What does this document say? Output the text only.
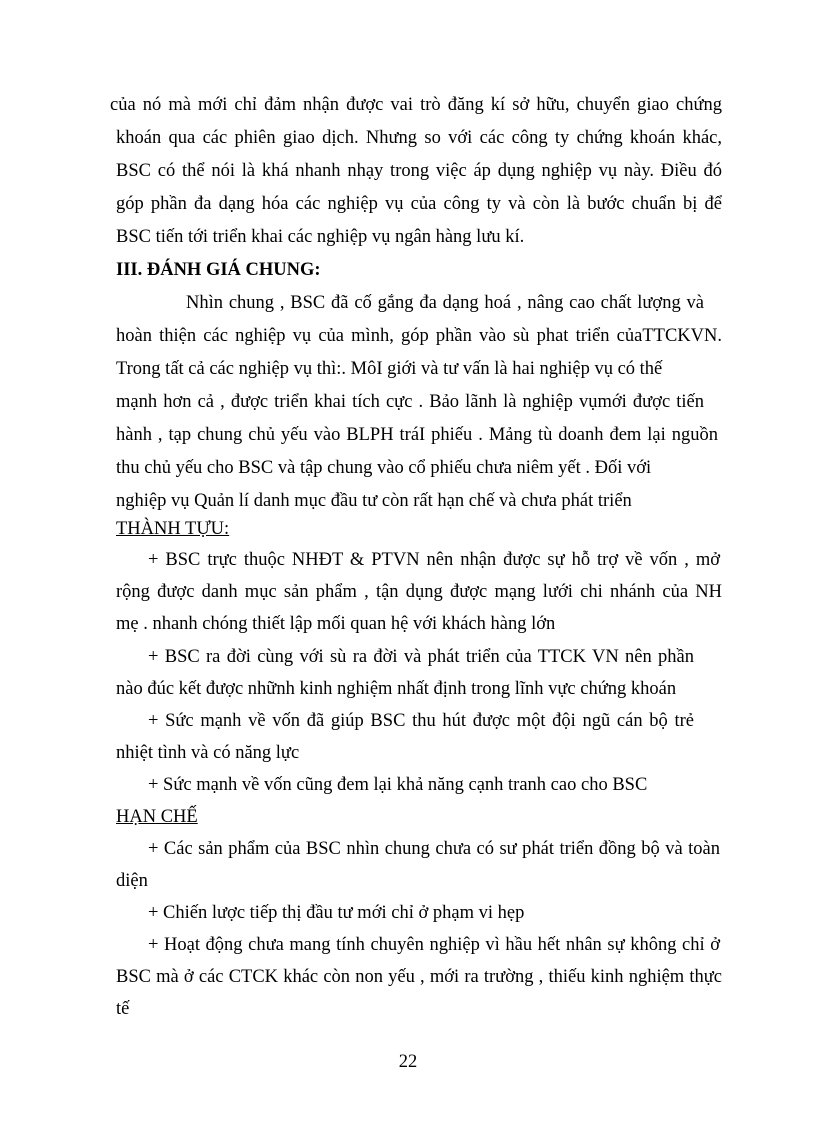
của nó mà mới chỉ đảm nhận được vai trò đăng kí sở hữu, chuyển giao chứng
khoán qua các phiên giao dịch. Nhưng so với các công ty chứng khoán khác,
BSC có thể nói là khá nhanh nhạy trong việc áp dụng nghiệp vụ này. Điều đó
góp phần đa dạng hóa các nghiệp vụ của công ty và còn là bước chuẩn bị để
BSC tiến tới triển khai các nghiệp vụ ngân hàng lưu kí.
III. ĐÁNH GIÁ CHUNG:
Nhìn chung , BSC đã cố gắng đa dạng hoá , nâng cao chất lượng và
hoàn thiện các nghiệp vụ của mình, góp phần vào sù phat triển củaTTCKVN.
Trong tất cả các nghiệp vụ thì:. MôI giới và tư vấn là hai nghiệp vụ có thế
mạnh hơn cả , được triển khai tích cực . Bảo lãnh là nghiệp vụmới được tiến
hành , tạp chung chủ yếu vào BLPH tráI phiếu . Mảng tù doanh đem lại nguồn
thu chủ yếu cho BSC và tập chung vào cổ phiếu chưa niêm yết . Đối với
nghiệp vụ Quản lí danh mục đầu tư còn rất hạn chế và chưa phát triển
THÀNH TỰU:
+ BSC trực thuộc NHĐT & PTVN nên nhận được sự hỗ trợ về vốn , mở
rộng được danh mục sản phẩm , tận dụng được mạng lưới chi nhánh của NH
mẹ . nhanh chóng thiết lập mối quan hệ với khách hàng lớn
+ BSC ra đời cùng với sù ra đời và phát triển của TTCK VN nên phần
nào đúc kết được nhữnh kinh nghiệm nhất định trong lĩnh vực chứng khoán
+ Sức mạnh về vốn đã giúp BSC thu hút được một đội ngũ cán bộ trẻ
nhiệt tình và có năng lực
+ Sức mạnh về vốn cũng đem lại khả năng cạnh tranh cao cho BSC
HẠN CHẾ
+ Các sản phẩm của BSC nhìn chung chưa có sư phát triển đồng bộ và toàn
diện
+ Chiến lược tiếp thị đầu tư mới chỉ ở phạm vi hẹp
+ Hoạt động chưa mang tính chuyên nghiệp vì hầu hết nhân sự không chỉ ở
BSC mà ở các CTCK khác còn non yếu , mới ra trường , thiếu kinh nghiệm thực
tế
22
